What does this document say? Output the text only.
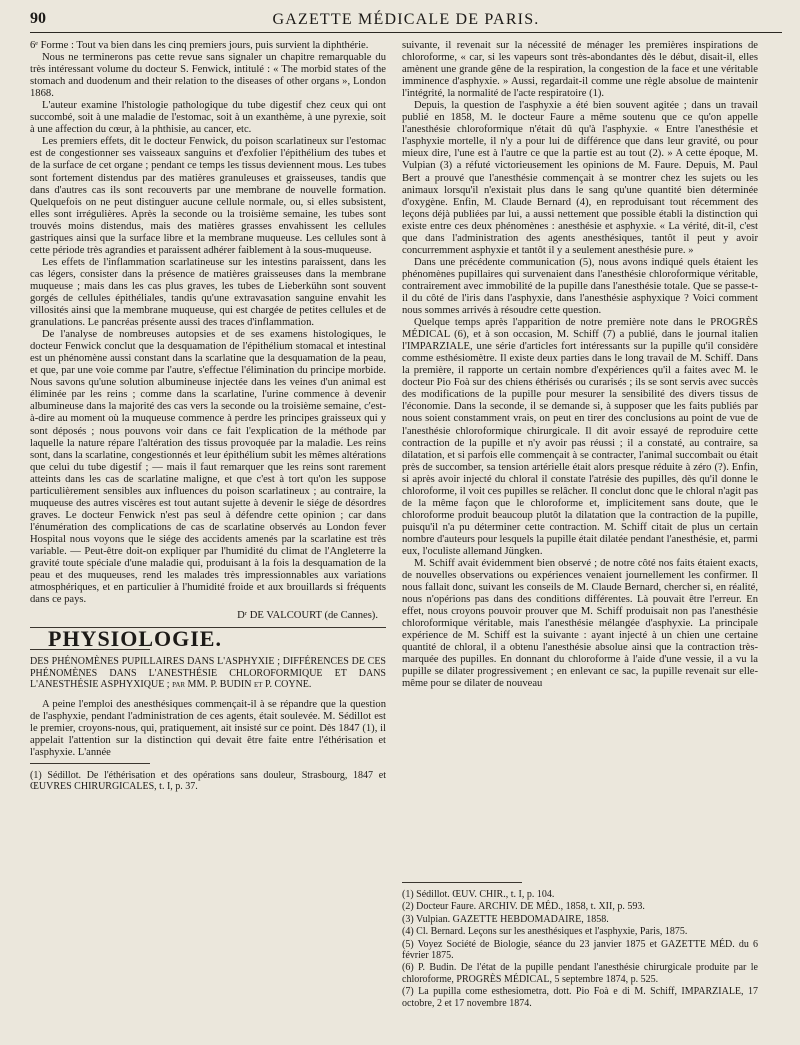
90	GAZETTE MÉDICALE DE PARIS.

6ᵉ Forme : Tout va bien dans les cinq premiers jours, puis survient la diphthérie.

Nous ne terminerons pas cette revue sans signaler un chapitre remarquable du très intéressant volume du docteur S. Fenwick, intitulé : « The morbid states of the stomach and duodenum and their relation to the diseases of other organs », London 1868.

L'auteur examine l'histologie pathologique du tube digestif chez ceux qui ont succombé, soit à une maladie de l'estomac, soit à un exanthème, à une pyrexie, soit à une affection du cœur, à la phthisie, au cancer, etc.

Les premiers effets, dit le docteur Fenwick, du poison scarlatineux sur l'estomac est de congestionner ses vaisseaux sanguins et d'exfolier l'épithélium des tubes et de la surface de cet organe ; pendant ce temps les tissus deviennent mous. Les tubes sont fortement distendus par des matières granuleuses et graisseuses, tandis que dans d'autres cas ils sont recouverts par une membrane de nouvelle formation. Quelquefois on ne peut distinguer aucune cellule normale, ou, si elles subsistent, elles sont irrégulières. Après la seconde ou la troisième semaine, les tubes sont trouvés moins distendus, mais des matières grasses envahissent les cellules gastriques ainsi que la surface libre et la membrane muqueuse. Les cellules sont à cette période très agrandies et paraissent adhérer faiblement à la sous-muqueuse.

Les effets de l'inflammation scarlatineuse sur les intestins paraissent, dans les cas légers, consister dans la présence de matières graisseuses dans la membrane muqueuse ; mais dans les cas plus graves, les tubes de Lieberkühn sont souvent gorgés de cellules épithéliales, tandis qu'une extravasation sanguine envahit les villosités ainsi que la membrane muqueuse, qui est chargée de petites cellules et de granulations. Le pancréas présente aussi des traces d'inflammation.

De l'analyse de nombreuses autopsies et de ses examens histologiques, le docteur Fenwick conclut que la desquamation de l'épithélium stomacal et intestinal est un phénomène aussi constant dans la scarlatine que la desquamation de la peau, et que, par une voie comme par l'autre, s'effectue l'élimination du principe morbide. Nous savons qu'une solution albumineuse injectée dans les veines d'un animal est éliminée par les reins ; comme dans la scarlatine, l'urine commence à devenir albumineuse dans la majorité des cas vers la seconde ou la troisième semaine, c'est-à-dire au moment où la muqueuse commence à perdre les principes graisseux qui y sont déposés ; nous pouvons voir dans ce fait l'explication de la méthode par laquelle la nature répare l'altération des tissus provoquée par la maladie. Les reins sont, dans la scarlatine, congestionnés et leur épithélium subit les mêmes altérations que celui du tube digestif ; — mais il faut remarquer que les reins sont rarement atteints dans les cas de scarlatine maligne, et que c'est à tort qu'on les suppose particulièrement sensibles aux influences du poison scarlatineux ; au contraire, la muqueuse des autres viscères est tout autant sujette à devenir le siége de désordres graves. Le docteur Fenwick n'est pas seul à défendre cette opinion ; car dans l'énumération des complications de cas de scarlatine observés au London fever Hospital nous voyons que le siége des accidents amenés par la scarlatine est très variable. — Peut-être doit-on expliquer par l'humidité du climat de l'Angleterre la gravité toute spéciale d'une maladie qui, produisant à la fois la desquamation de la peau et des muqueuses, rend les malades très impressionnables aux variations atmosphériques, et en particulier à l'humidité froide et aux brouillards si fréquents dans ce pays.

Dʳ DE VALCOURT (de Cannes).
PHYSIOLOGIE.

DES PHÉNOMÈNES PUPILLAIRES DANS L'ASPHYXIE ; DIFFÉRENCES DE CES PHÉNOMÈNES DANS L'ANESTHÉSIE CHLOROFORMIQUE ET DANS L'ANESTHÉSIE ASPHYXIQUE ; par MM. P. BUDIN et P. COYNE.

A peine l'emploi des anesthésiques commençait-il à se répandre que la question de l'asphyxie, pendant l'administration de ces agents, était soulevée. M. Sédillot est le premier, croyons-nous, qui, pratiquement, ait insisté sur ce point. Dès 1847 (1), il appelait l'attention sur la distinction qui devait être faite entre l'éthérisation et l'asphyxie. L'année

(1) Sédillot. De l'éthérisation et des opérations sans douleur, Strasbourg, 1847 et ŒUVRES CHIRURGICALES, t. I, p. 37.

suivante, il revenait sur la nécessité de ménager les premières inspirations de chloroforme, « car, si les vapeurs sont très-abondantes dès le début, disait-il, elles amènent une grande gêne de la respiration, la congestion de la face et une véritable imminence d'asphyxie. » Aussi, regardait-il comme une règle absolue de maintenir l'intégrité, la normalité de l'acte respiratoire (1).

Depuis, la question de l'asphyxie a été bien souvent agitée ; dans un travail publié en 1858, M. le docteur Faure a même soutenu que ce qu'on appelle l'anesthésie chloroformique n'était dû qu'à l'asphyxie. « Entre l'anesthésie et l'asphyxie mortelle, il n'y a pour lui de différence que dans leur gravité, ou pour mieux dire, l'une est à l'autre ce que la partie est au tout (2). » A cette époque, M. Vulpian (3) a réfuté victorieusement les opinions de M. Faure. Depuis, M. Paul Bert a prouvé que l'anesthésie commençait à se montrer chez les sujets ou les animaux lorsqu'il n'existait plus dans le sang qu'une quantité bien déterminée d'oxygène. Enfin, M. Claude Bernard (4), en reproduisant tout récemment des leçons déjà publiées par lui, a aussi nettement que possible établi la distinction qui existe entre ces deux phénomènes : anesthésie et asphyxie. « La vérité, dit-il, c'est que dans l'administration des agents anesthésiques, tantôt il peut y avoir concurremment asphyxie et tantôt il y a seulement anesthésie pure. »

Dans une précédente communication (5), nous avons indiqué quels étaient les phénomènes pupillaires qui survenaient dans l'anesthésie chloroformique véritable, contrairement avec immobilité de la pupille dans l'anesthésie totale. Que se passe-t-il du côté de l'iris dans l'asphyxie, dans l'anesthésie asphyxique ? Voici comment nous sommes arrivés à résoudre cette question.

Quelque temps après l'apparition de notre première note dans le PROGRÈS MÉDICAL (6), et à son occasion, M. Schiff (7) a publié, dans le journal italien l'IMPARZIALE, une série d'articles fort intéressants sur la pupille qu'il considère comme esthésiomètre. Il existe deux parties dans le long travail de M. Schiff. Dans la première, il rapporte un certain nombre d'expériences qu'il a faites avec M. le docteur Pio Foà sur des chiens éthérisés ou curarisés ; ils se sont servis avec succès des modifications de la pupille pour mesurer la sensibilité des divers tissus de l'économie. Dans la seconde, il se demande si, à supposer que les faits publiés par nous soient constamment vrais, on peut en tirer des conclusions au point de vue de l'anesthésie chloroformique chirurgicale. Il dit avoir essayé de reproduire cette contraction de la pupille et n'y avoir pas réussi ; il a constaté, au contraire, sa dilatation, et si parfois elle commençait à se contracter, l'animal succombait ou était près de succomber, sa tension artérielle était alors presque réduite à zéro (?). Enfin, si après avoir injecté du chloral il constate l'atrésie des pupilles, dès qu'il donne le chloroforme, il voit ces pupilles se relâcher. Il conclut donc que le chloral n'agit pas de la même façon que le chloroforme et, implicitement sans doute, que le chloroforme produit beaucoup plutôt la dilatation que la contraction de la pupille, puisqu'il n'a pu déterminer cette contraction. M. Schiff citait de plus un certain nombre d'auteurs pour lesquels la pupille était dilatée pendant l'anesthésie, et, parmi eux, l'oculiste allemand Jüngken.

M. Schiff avait évidemment bien observé ; de notre côté nos faits étaient exacts, de nouvelles observations ou expériences venaient journellement les confirmer. Il nous fallait donc, suivant les conseils de M. Claude Bernard, chercher si, en réalité, nous n'opérions pas dans des conditions différentes. Là pouvait être l'erreur. En effet, nous croyons pouvoir prouver que M. Schiff produisait non pas l'anesthésie chloroformique véritable, mais l'anesthésie mélangée d'asphyxie. La principale expérience de M. Schiff est la suivante : ayant injecté à un chien une certaine quantité de chloral, il a obtenu l'anesthésie absolue ainsi que la contraction très-marquée des pupilles. En donnant du chloroforme à l'aide d'une vessie, il a vu la pupille se dilater progressivement ; en enlevant ce sac, la pupille revenait sur elle-même pour se dilater de nouveau

(1) Sédillot. ŒUV. CHIR., t. I, p. 104.

(2) Docteur Faure. ARCHIV. DE MÉD., 1858, t. XII, p. 593.

(3) Vulpian. GAZETTE HEBDOMADAIRE, 1858.

(4) Cl. Bernard. Leçons sur les anesthésiques et l'asphyxie, Paris, 1875.

(5) Voyez Société de Biologie, séance du 23 janvier 1875 et GAZETTE MÉD. du 6 février 1875.

(6) P. Budin. De l'état de la pupille pendant l'anesthésie chirurgicale produite par le chloroforme, PROGRÈS MÉDICAL, 5 septembre 1874, p. 525.

(7) La pupilla come esthesiometra, dott. Pio Foà e di M. Schiff, IMPARZIALE, 17 octobre, 2 et 17 novembre 1874.
